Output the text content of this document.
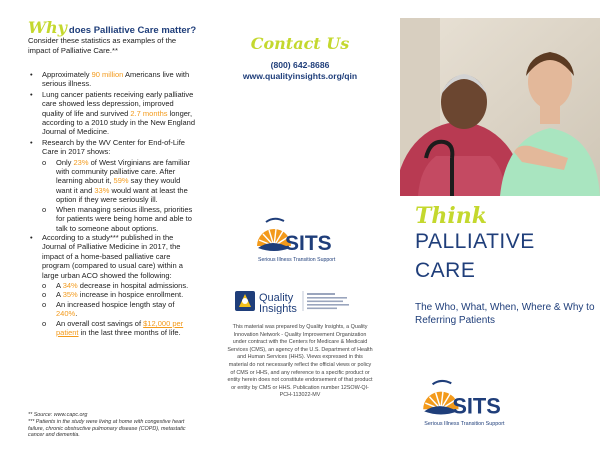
Why does Palliative Care matter?
Consider these statistics as examples of the impact of Palliative Care.**
• Approximately 90 million Americans live with serious illness.
• Lung cancer patients receiving early palliative care showed less depression, improved quality of life and survived 2.7 months longer, according to a 2010 study in the New England Journal of Medicine.
• Research by the WV Center for End-of-Life Care in 2017 shows:
o Only 23% of West Virginians are familiar with community palliative care. After learning about it, 59% say they would want it and 33% would want at least the option if they were seriously ill.
o When managing serious illness, priorities for patients were being home and able to talk to someone about options.
• According to a study*** published in the Journal of Palliative Medicine in 2017, the impact of a home-based palliative care program (compared to usual care) within a large urban ACO showed the following:
o A 34% decrease in hospital admissions.
o A 35% increase in hospice enrollment.
o An increased hospice length stay of 240%.
o An overall cost savings of $12,000 per patient in the last three months of life.
** Source: www.capc.org
*** Patients in the study were living at home with congestive heart failure, chronic obstructive pulmonary disease (COPD), metastatic cancer and dementia.
Contact Us
(800) 642-8686
www.qualityinsights.org/qin
SITS
Serious Illness Transition Support
Quality
Insights
This material was prepared by Quality Insights, a Quality Innovation Network - Quality Improvement Organization under contract with the Centers for Medicare & Medicaid Services (CMS), an agency of the U.S. Department of Health and Human Services (HHS). Views expressed in this material do not necessarily reflect the official views or policy of CMS or HHS, and any reference to a specific product or entity herein does not constitute endorsement of that product or entity by CMS or HHS. Publication number 12SOW-QI-PCH-113022-MV
Think
PALLIATIVE
CARE
The Who, What, When, Where & Why to Referring Patients
SITS
Serious Illness Transition Support
